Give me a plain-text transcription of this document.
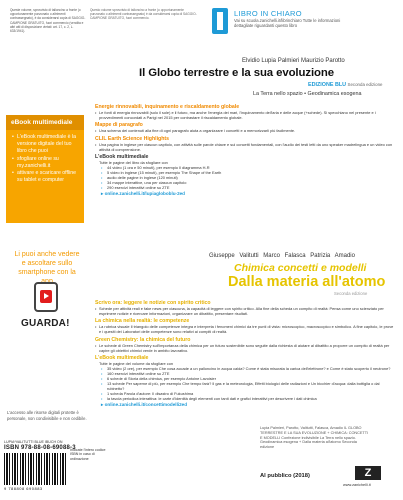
Queste volume, sprovvisto di talloncino a fronte (o opportunamente punzonato o altrimenti contrassegnato), è da considerarsi copia di SAGGIO-CAMPIONE GRATUITO, fuori commercio (vendita e altri atti di disposizione vietati: art. 17, c. 2, L. 633/1941).
eBook multimediale
• L'eBook multimediale è la versione digitale del tuo libro che puoi
• sfogliare online su my.zanichelli.it
• attivare e scaricare offline su tablet e computer
Li puoi anche vedere e ascoltare sullo smartphone con la
GUARDA!
L'accesso alle risorse digitali protette è personale, non condivisibile e non cedibile.
LUPIA*VALITUTTI BLUE IBUCH ON
ISBN 978-88-08-69088-3
9 788808 690883
Indicate l'intero codice ISBN in caso di ordinazione
Questo volume sprovvisto di talloncino a fronte (o opportunamente punzonato o altrimenti contrassegnato) è da considerarsi copia di SAGGIO-CAMPIONE GRATUITO, fuori commercio.
LIBRO IN CHIARO
Vai su scuola.zanichelli.it/librinchiaro Tutte le informazioni dettagliate riguardanti questo libro
Elvidio Lupia Palmieri Maurizio Parotto
Il Globo terrestre e la sua evoluzione
EDIZIONE BLU Seconda edizione
La Terra nello spazio • Geodinamica esogena
Energie rinnovabili, inquinamento e riscaldamento globale
• Le fonti di energia rinnovabili (solo il sole) e il futuro, ma anche l'energia dei mari, l'inquinamento dell'aria e delle acque (+schede). Si specchiano nel presente e i provvedimenti concordati a Parigi nel 2015 per contrastare il riscaldamento globale.
Mappe di paragrafo
• Una schema dei contenuti alla fine di ogni paragrafo aiuta a organizzare i concetti e a memorizzarli più facilmente.
CLIL Earth Science Highlights
• Una pagina in inglese per ciascun capitolo, con attività sulle parole chiave e sui concetti fondamentali, con l'audio dei testi letti da uno speaker madrelingua e un video con attività di comprensione.
L'eBook multimediale
Tutte le pagine del libro da sfogliare con
• 44 video (1 ora e 50 minuti), per esempio Il diagramma H-R
• 5 video in inglese (15 minuti), per esempio The Shape of the Earth
• audio delle pagine in inglese (120 minuti)
• 34 mappe interattive, una per ciascun capitolo
• 290 esercizi interattivi online su ZTE
▸ online.zanichelli.it/lupiagloboblu-2ed
Giuseppe Valitutti Marco Falasca Patrizia Amadio
Chimica concetti e modelli
Dalla materia all'atomo
Seconda edizione
Scrivo ora: leggere le notizie con spirito critico
• Schede per attività reali e fake news per ciascuna, la capacità di leggere con spirito critico. Alla fine della scheda un compito di realtà: Pensa come uno scienziato per esprimere notizie e ricercare informazioni, organizzare un dibattito, presentare risultati.
La chimica nella realtà: le competenze
• La rubrica visuale Il triangolo delle competenze integra e interpreta i fenomeni chimici da tre punti di vista: microscopico, macroscopico e simbolico. A fine capitolo, le prove e i quesiti dei Laboratori delle competenze sono relativi ai compiti di realtà.
Green Chemistry: la chimica del futuro
• Le schede di Green Chemistry sull'importanza della chimica per un futuro sostenibile sono seguite dalla richiesta di aiutare al dibattito a proporre un compito di realtà per capire gli obiettivi chimici verde in ambito lavorativo.
L'eBook multimediale
Tutte le pagine del volume da sfogliare con
• 35 video (2 ore), per esempio Che cosa accade a un palloncino in acqua calda? Come è stata misurata la carica dell'elettrone? e Come è stato scoperto il neutrone?
• 160 esercizi interattivi online su ZTE
• 6 schede di Storia della chimica, per esempio Antoine Lavoisier
• 13 schede Per saperne di più, per esempio Che tempo farà? Il gas e la meteorologia, Effetti biologici delle radiazioni e Un bicchier d'acqua: dalla bottiglia o dal rubinetto?
• 1 scheda Parola d'autore: Il disastro di Fukushima
• la tavola periodica interattiva: le carte d'identità degli elementi con tanti dati e grafici interattivi per descrivere i dati chimica
▸ online.zanichelli.it/concettimodelli2ed
Lupia Palmieri, Parotto, Valitutti, Falasca, Amadio IL GLOBO TERRESTRE E LA SUA EVOLUZIONE + CHIMICA: CONCETTI E MODELLI Confezione indivisibile La Terra nello spazio. Geodinamica esogena + Dalla materia all'atomo Seconda edizione
Al pubblico (2018)	Z
www.zanichelli.it
